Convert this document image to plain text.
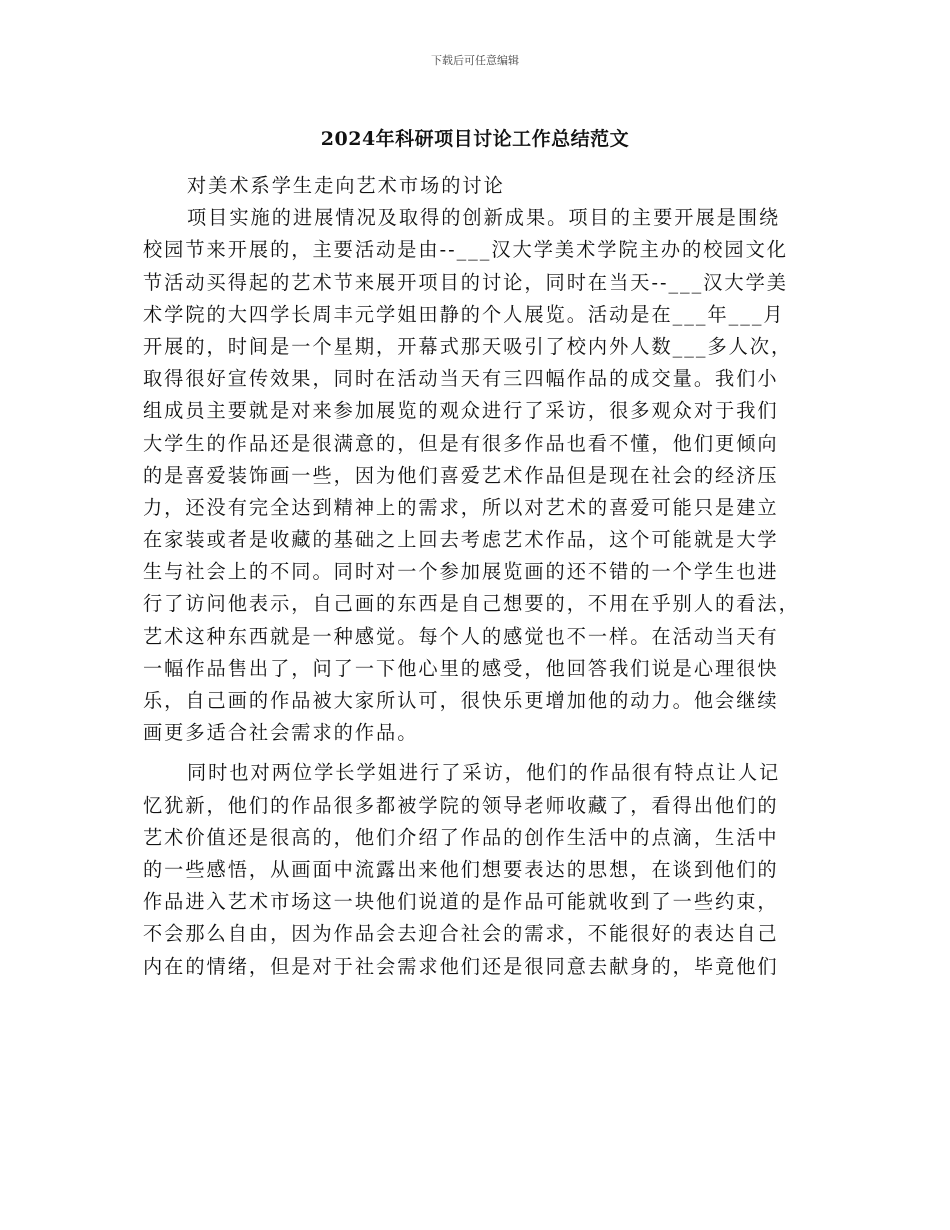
下载后可任意编辑
2024年科研项目讨论工作总结范文
对美术系学生走向艺术市场的讨论
项目实施的进展情况及取得的创新成果。项目的主要开展是围绕
校园节来开展的，主要活动是由--___汉大学美术学院主办的校园文化
节活动买得起的艺术节来展开项目的讨论，同时在当天--___汉大学美
术学院的大四学长周丰元学姐田静的个人展览。活动是在___年___月
开展的，时间是一个星期，开幕式那天吸引了校内外人数___多人次，
取得很好宣传效果，同时在活动当天有三四幅作品的成交量。我们小
组成员主要就是对来参加展览的观众进行了采访，很多观众对于我们
大学生的作品还是很满意的，但是有很多作品也看不懂，他们更倾向
的是喜爱装饰画一些，因为他们喜爱艺术作品但是现在社会的经济压
力，还没有完全达到精神上的需求，所以对艺术的喜爱可能只是建立
在家装或者是收藏的基础之上回去考虑艺术作品，这个可能就是大学
生与社会上的不同。同时对一个参加展览画的还不错的一个学生也进
行了访问他表示，自己画的东西是自己想要的，不用在乎别人的看法，
艺术这种东西就是一种感觉。每个人的感觉也不一样。在活动当天有
一幅作品售出了，问了一下他心里的感受，他回答我们说是心理很快
乐，自己画的作品被大家所认可，很快乐更增加他的动力。他会继续
画更多适合社会需求的作品。
同时也对两位学长学姐进行了采访，他们的作品很有特点让人记
忆犹新，他们的作品很多都被学院的领导老师收藏了，看得出他们的
艺术价值还是很高的，他们介绍了作品的创作生活中的点滴，生活中
的一些感悟，从画面中流露出来他们想要表达的思想，在谈到他们的
作品进入艺术市场这一块他们说道的是作品可能就收到了一些约束，
不会那么自由，因为作品会去迎合社会的需求，不能很好的表达自己
内在的情绪，但是对于社会需求他们还是很同意去献身的，毕竟他们
